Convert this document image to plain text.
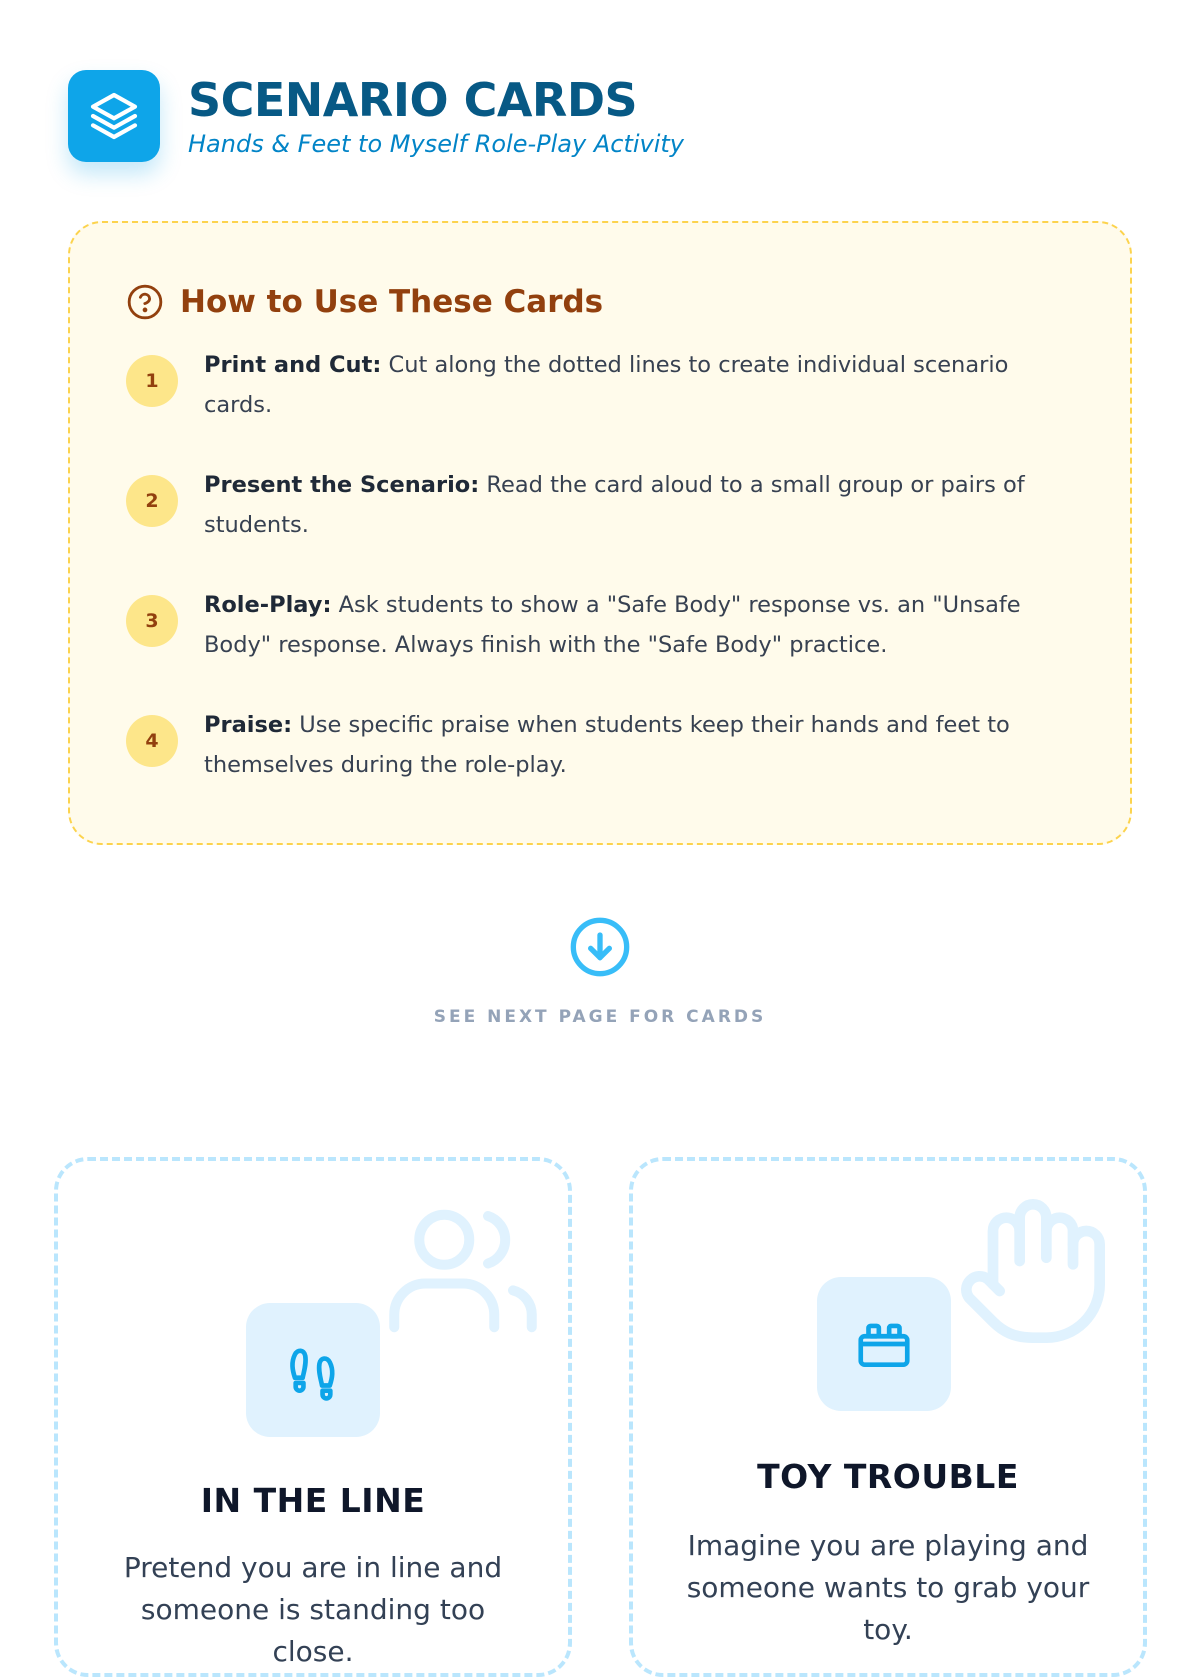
SCENARIO CARDS
Hands & Feet to Myself Role-Play Activity
How to Use These Cards
1
Print and Cut: Cut along the dotted lines to create individual scenario cards.
2
Present the Scenario: Read the card aloud to a small group or pairs of students.
3
Role-Play: Ask students to show a "Safe Body" response vs. an "Unsafe Body" response. Always finish with the "Safe Body" practice.
4
Praise: Use specific praise when students keep their hands and feet to themselves during the role-play.
SEE NEXT PAGE FOR CARDS
IN THE LINE
Pretend you are in line and someone is standing too close.
TOY TROUBLE
Imagine you are playing and someone wants to grab your toy.
